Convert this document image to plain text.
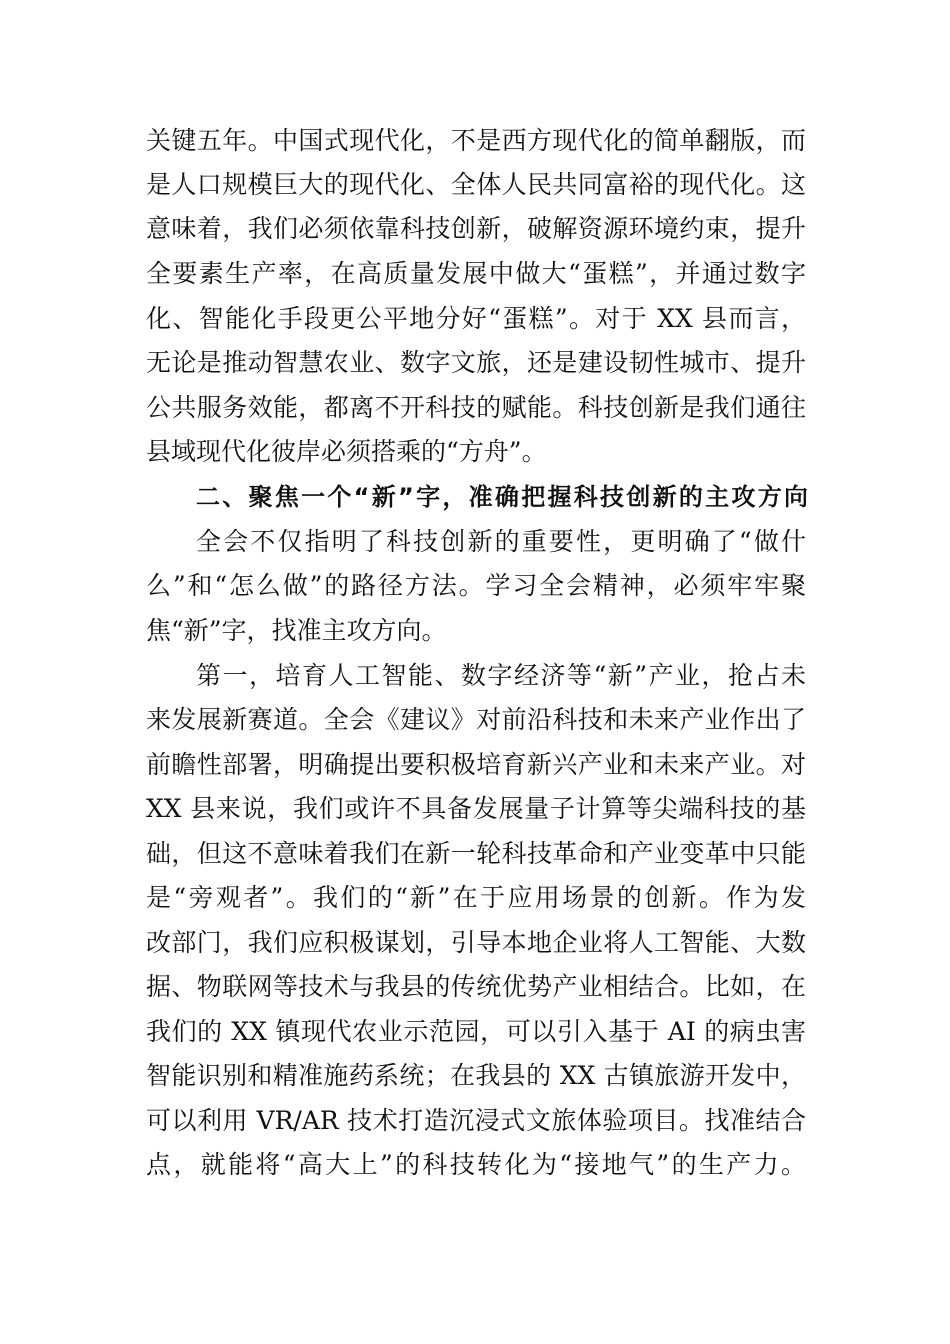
关键五年。中国式现代化，不是西方现代化的简单翻版，而
是人口规模巨大的现代化、全体人民共同富裕的现代化。这
意味着，我们必须依靠科技创新，破解资源环境约束，提升
全要素生产率，在高质量发展中做大“蛋糕”，并通过数字
化、智能化手段更公平地分好“蛋糕”。对于 XX 县而言，
无论是推动智慧农业、数字文旅，还是建设韧性城市、提升
公共服务效能，都离不开科技的赋能。科技创新是我们通往
县域现代化彼岸必须搭乘的“方舟”。
二、聚焦一个“新”字，准确把握科技创新的主攻方向
全会不仅指明了科技创新的重要性，更明确了“做什
么”和“怎么做”的路径方法。学习全会精神，必须牢牢聚
焦“新”字，找准主攻方向。
第一，培育人工智能、数字经济等“新”产业，抢占未
来发展新赛道。全会《建议》对前沿科技和未来产业作出了
前瞻性部署，明确提出要积极培育新兴产业和未来产业。对
XX 县来说，我们或许不具备发展量子计算等尖端科技的基
础，但这不意味着我们在新一轮科技革命和产业变革中只能
是“旁观者”。我们的“新”在于应用场景的创新。作为发
改部门，我们应积极谋划，引导本地企业将人工智能、大数
据、物联网等技术与我县的传统优势产业相结合。比如，在
我们的 XX 镇现代农业示范园，可以引入基于 AI 的病虫害
智能识别和精准施药系统；在我县的 XX 古镇旅游开发中，
可以利用 VR/AR 技术打造沉浸式文旅体验项目。找准结合
点，就能将“高大上”的科技转化为“接地气”的生产力。
